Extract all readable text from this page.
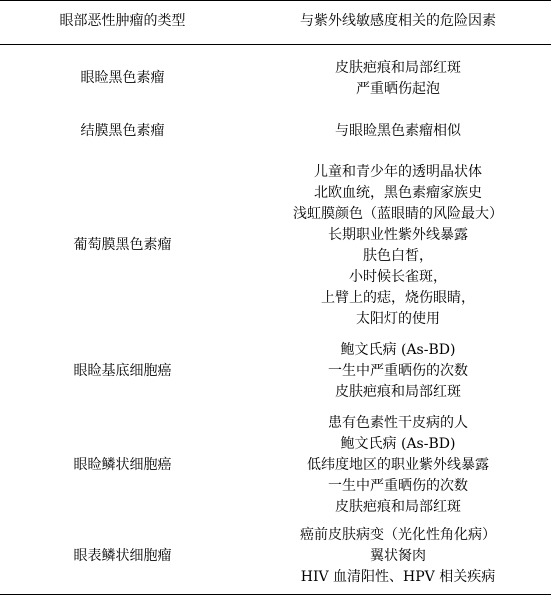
眼部恶性肿瘤的类型	与紫外线敏感度相关的危险因素
眼睑黑色素瘤
皮肤疤痕和局部红斑
严重晒伤起泡
结膜黑色素瘤	与眼睑黑色素瘤相似
葡萄膜黑色素瘤
儿童和青少年的透明晶状体
北欧血统，黑色素瘤家族史
浅虹膜颜色（蓝眼睛的风险最大）
长期职业性紫外线暴露
肤色白皙，
小时候长雀斑，
上臂上的痣，烧伤眼睛，
太阳灯的使用
眼睑基底细胞癌
鲍文氏病 (As-BD)
一生中严重晒伤的次数
皮肤疤痕和局部红斑
眼睑鳞状细胞癌
患有色素性干皮病的人
鲍文氏病 (As-BD)
低纬度地区的职业紫外线暴露
一生中严重晒伤的次数
皮肤疤痕和局部红斑
眼表鳞状细胞瘤
癌前皮肤病变（光化性角化病）
翼状胬肉
HIV 血清阳性、HPV 相关疾病
